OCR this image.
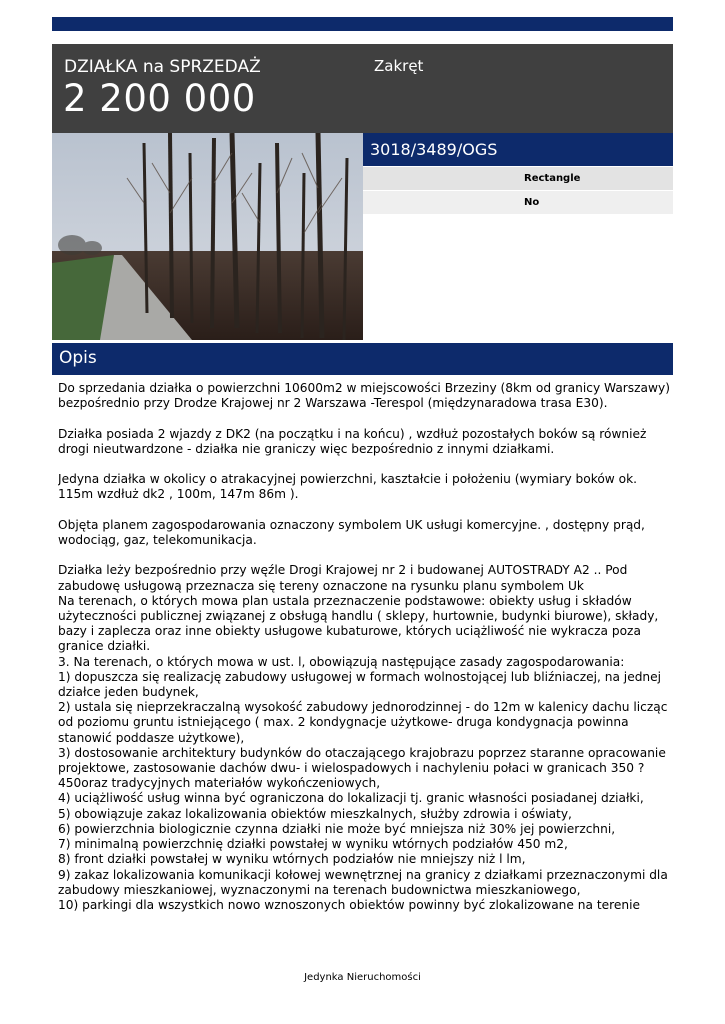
DZIAŁKA na SPRZEDAŻ
2 200 000
Zakręt
3018/3489/OGS
Rectangle
No
Opis
Do sprzedania działka o powierzchni 10600m2 w miejscowości Brzeziny (8km od granicy Warszawy) bezpośrednio przy Drodze Krajowej nr 2 Warszawa -Terespol (międzynaradowa trasa E30).

Działka posiada 2 wjazdy z DK2 (na początku i na końcu) , wzdłuż pozostałych boków są również drogi nieutwardzone - działka nie graniczy więc bezpośrednio z innymi działkami.

Jedyna działka w okolicy o atrakacyjnej powierzchni, kaształcie i położeniu (wymiary boków ok. 115m wzdłuż dk2 , 100m, 147m 86m ).

Objęta planem zagospodarowania oznaczony symbolem UK usługi komercyjne. , dostępny prąd, wodociąg, gaz, telekomunikacja.

Działka leży bezpośrednio przy węźle Drogi Krajowej nr 2 i budowanej AUTOSTRADY A2 .. Pod zabudowę usługową przeznacza się tereny oznaczone na rysunku planu symbolem Uk
Na terenach, o których mowa plan ustala przeznaczenie podstawowe: obiekty usług i składów użyteczności publicznej związanej z obsługą handlu ( sklepy, hurtownie, budynki biurowe), składy, bazy i zaplecza oraz inne obiekty usługowe kubaturowe, których uciążliwość nie wykracza poza granice działki.
3. Na terenach, o których mowa w ust. l, obowiązują następujące zasady zagospodarowania:
1) dopuszcza się realizację zabudowy usługowej w formach wolnostojącej lub bliźniaczej, na jednej działce jeden budynek,
2) ustala się nieprzekraczalną wysokość zabudowy jednorodzinnej - do 12m w kalenicy dachu licząc od poziomu gruntu istniejącego ( max. 2 kondygnacje użytkowe- druga kondygnacja powinna stanowić poddasze użytkowe),
3) dostosowanie architektury budynków do otaczającego krajobrazu poprzez staranne opracowanie projektowe, zastosowanie dachów dwu- i wielospadowych i nachyleniu połaci w granicach 350 ?450oraz tradycyjnych materiałów wykończeniowych,
4) uciążliwość usług winna być ograniczona do lokalizacji tj. granic własności posiadanej działki,
5) obowiązuje zakaz lokalizowania obiektów mieszkalnych, służby zdrowia i oświaty,
6) powierzchnia biologicznie czynna działki nie może być mniejsza niż 30% jej powierzchni,
7) minimalną powierzchnię działki powstałej w wyniku wtórnych podziałów 450 m2,
8) front działki powstałej w wyniku wtórnych podziałów nie mniejszy niż l lm,
9) zakaz lokalizowania komunikacji kołowej wewnętrznej na granicy z działkami przeznaczonymi dla zabudowy mieszkaniowej, wyznaczonymi na terenach budownictwa mieszkaniowego,
10) parkingi dla wszystkich nowo wznoszonych obiektów powinny być zlokalizowane na terenie
Jedynka Nieruchomości
